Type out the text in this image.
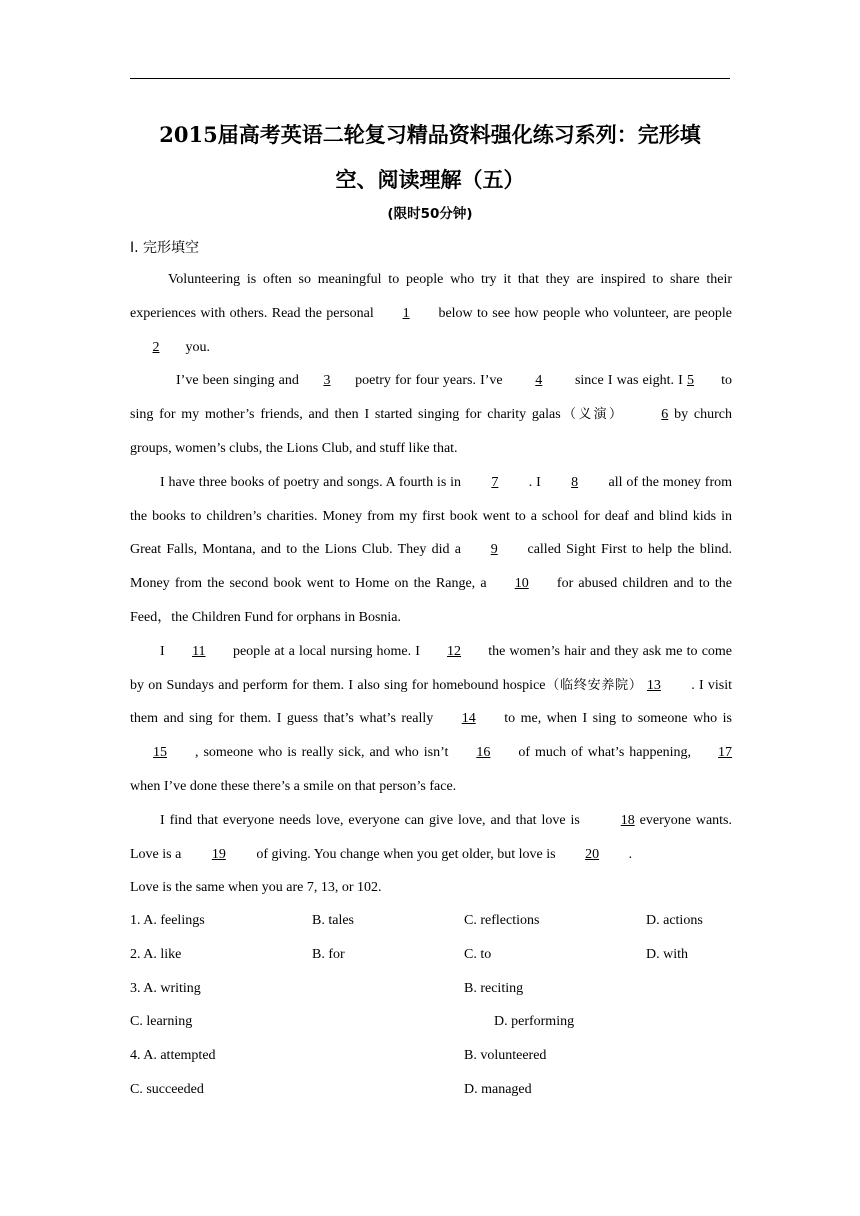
2015届高考英语二轮复习精品资料强化练习系列：完形填
空、阅读理解（五）
(限时50分钟)
Ⅰ. 完形填空

Volunteering is often so meaningful to people who try it that they are inspired to share their experiences with others. Read the personal 1 below to see how people who volunteer, are people 2 you.

I’ve been singing and 3 poetry for four years. I’ve 4 since I was eight. I 5 to sing for my mother’s friends, and then I started singing for charity galas（义演）	6 by church groups, women’s clubs, the Lions Club, and stuff like that.

I have three books of poetry and songs. A fourth is in 7 . I 8 all of the money from the books to children’s charities. Money from my first book went to a school for deaf and blind kids in Great Falls, Montana, and to the Lions Club. They did a 9 called Sight First to help the blind. Money from the second book went to Home on the Range, a 10 for abused children and to the Feed，the Children Fund for orphans in Bosnia.

I 11 people at a local nursing home. I 12 the women’s hair and they ask me to come by on Sundays and perform for them. I also sing for homebound hospice（临终安养院） 13 . I visit them and sing for them. I guess that’s what’s really 14 to me, when I sing to someone who is 15 , someone who is really sick, and who isn’t 16 of much of what’s happening, 17when I’ve done these there’s a smile on that person’s face.

I find that everyone needs love, everyone can give love, and that love is	18 everyone wants. Love is a 19 of giving. You change when you get older, but love is 20 .
Love is the same when you are 7, 13, or 102.

1. A. feelings	B. tales	C. reflections	D. actions
2. A. like	B. for	C. to	D. with
3. A. writing	B. reciting
C. learning	D. performing
4. A. attempted	B. volunteered
C. succeeded	D. managed
